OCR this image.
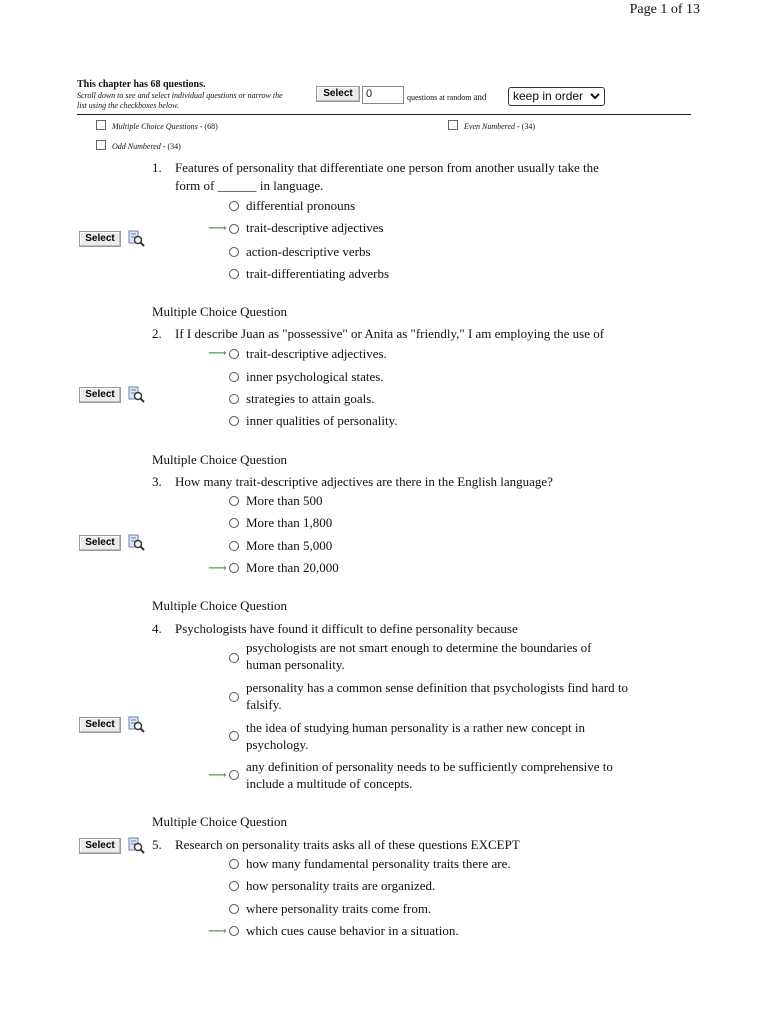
Page 1 of 13
This chapter has 68 questions.
Scroll down to see and select individual questions or narrow the list using the checkboxes below.
Select	0	questions at random and	keep in order
Multiple Choice Questions - (68)	Even Numbered - (34)
Odd Numbered - (34)
1. Features of personality that differentiate one person from another usually take the
form of ______ in language.
Select
differential pronouns
⟶ trait-descriptive adjectives
action-descriptive verbs
trait-differentiating adverbs
Multiple Choice Question
2. If I describe Juan as "possessive" or Anita as "friendly," I am employing the use of
Select
⟶ trait-descriptive adjectives.
inner psychological states.
strategies to attain goals.
inner qualities of personality.
Multiple Choice Question
3. How many trait-descriptive adjectives are there in the English language?
Select
More than 500
More than 1,800
More than 5,000
⟶ More than 20,000
Multiple Choice Question
4. Psychologists have found it difficult to define personality because
Select
psychologists are not smart enough to determine the boundaries of
human personality.
personality has a common sense definition that psychologists find hard to
falsify.
the idea of studying human personality is a rather new concept in
psychology.
⟶
any definition of personality needs to be sufficiently comprehensive to
include a multitude of concepts.
Multiple Choice Question
5. Research on personality traits asks all of these questions EXCEPT
Select
how many fundamental personality traits there are.
how personality traits are organized.
where personality traits come from.
⟶ which cues cause behavior in a situation.
